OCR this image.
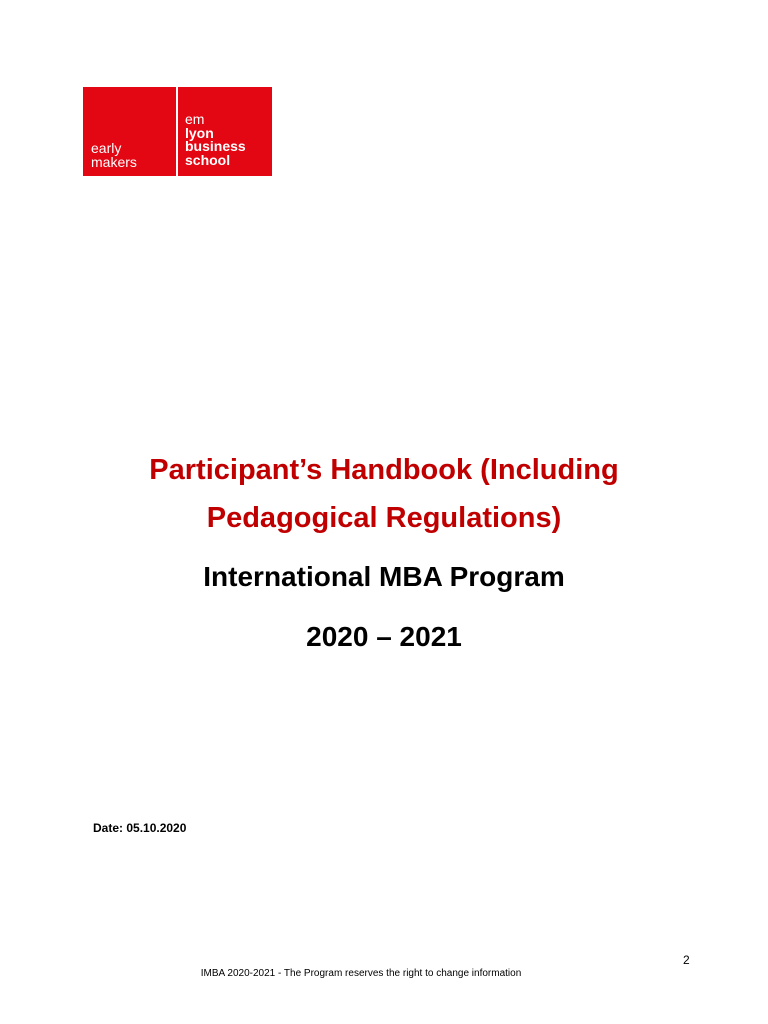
early
makers
em
lyon
business
school
Participant’s Handbook (Including
Pedagogical Regulations)
International MBA Program
2020 – 2021
Date: 05.10.2020
2
IMBA 2020-2021 - The Program reserves the right to change information
